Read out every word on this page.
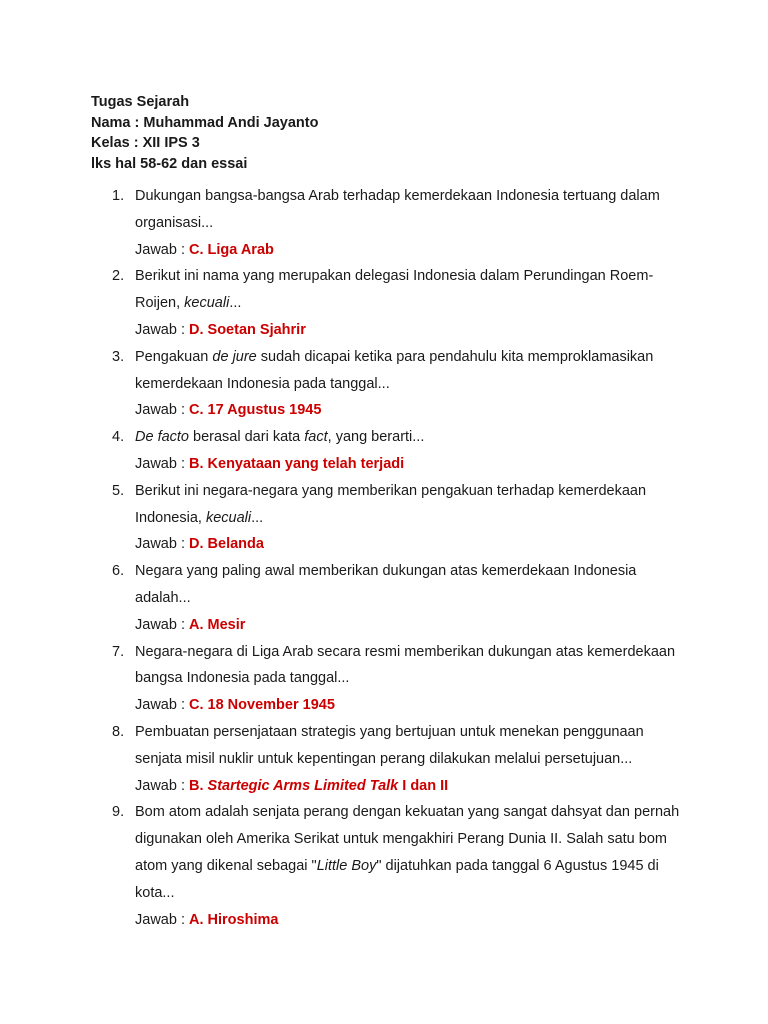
Tugas Sejarah

Nama : Muhammad Andi Jayanto

Kelas : XII IPS 3

lks hal 58-62 dan essai

1. Dukungan bangsa-bangsa Arab terhadap kemerdekaan Indonesia tertuang dalam organisasi...
Jawab : C. Liga Arab
2. Berikut ini nama yang merupakan delegasi Indonesia dalam Perundingan Roem-Roijen, kecuali...
Jawab : D. Soetan Sjahrir
3. Pengakuan de jure sudah dicapai ketika para pendahulu kita memproklamasikan kemerdekaan Indonesia pada tanggal...
Jawab : C. 17 Agustus 1945
4. De facto berasal dari kata fact, yang berarti...
Jawab : B. Kenyataan yang telah terjadi
5. Berikut ini negara-negara yang memberikan pengakuan terhadap kemerdekaan Indonesia, kecuali...
Jawab : D. Belanda
6. Negara yang paling awal memberikan dukungan atas kemerdekaan Indonesia adalah...
Jawab : A. Mesir
7. Negara-negara di Liga Arab secara resmi memberikan dukungan atas kemerdekaan bangsa Indonesia pada tanggal...
Jawab : C. 18 November 1945
8. Pembuatan persenjataan strategis yang bertujuan untuk menekan penggunaan senjata misil nuklir untuk kepentingan perang dilakukan melalui persetujuan...
Jawab : B. Startegic Arms Limited Talk I dan II
9. Bom atom adalah senjata perang dengan kekuatan yang sangat dahsyat dan pernah digunakan oleh Amerika Serikat untuk mengakhiri Perang Dunia II. Salah satu bom atom yang dikenal sebagai "Little Boy" dijatuhkan pada tanggal 6 Agustus 1945 di kota...
Jawab : A. Hiroshima
